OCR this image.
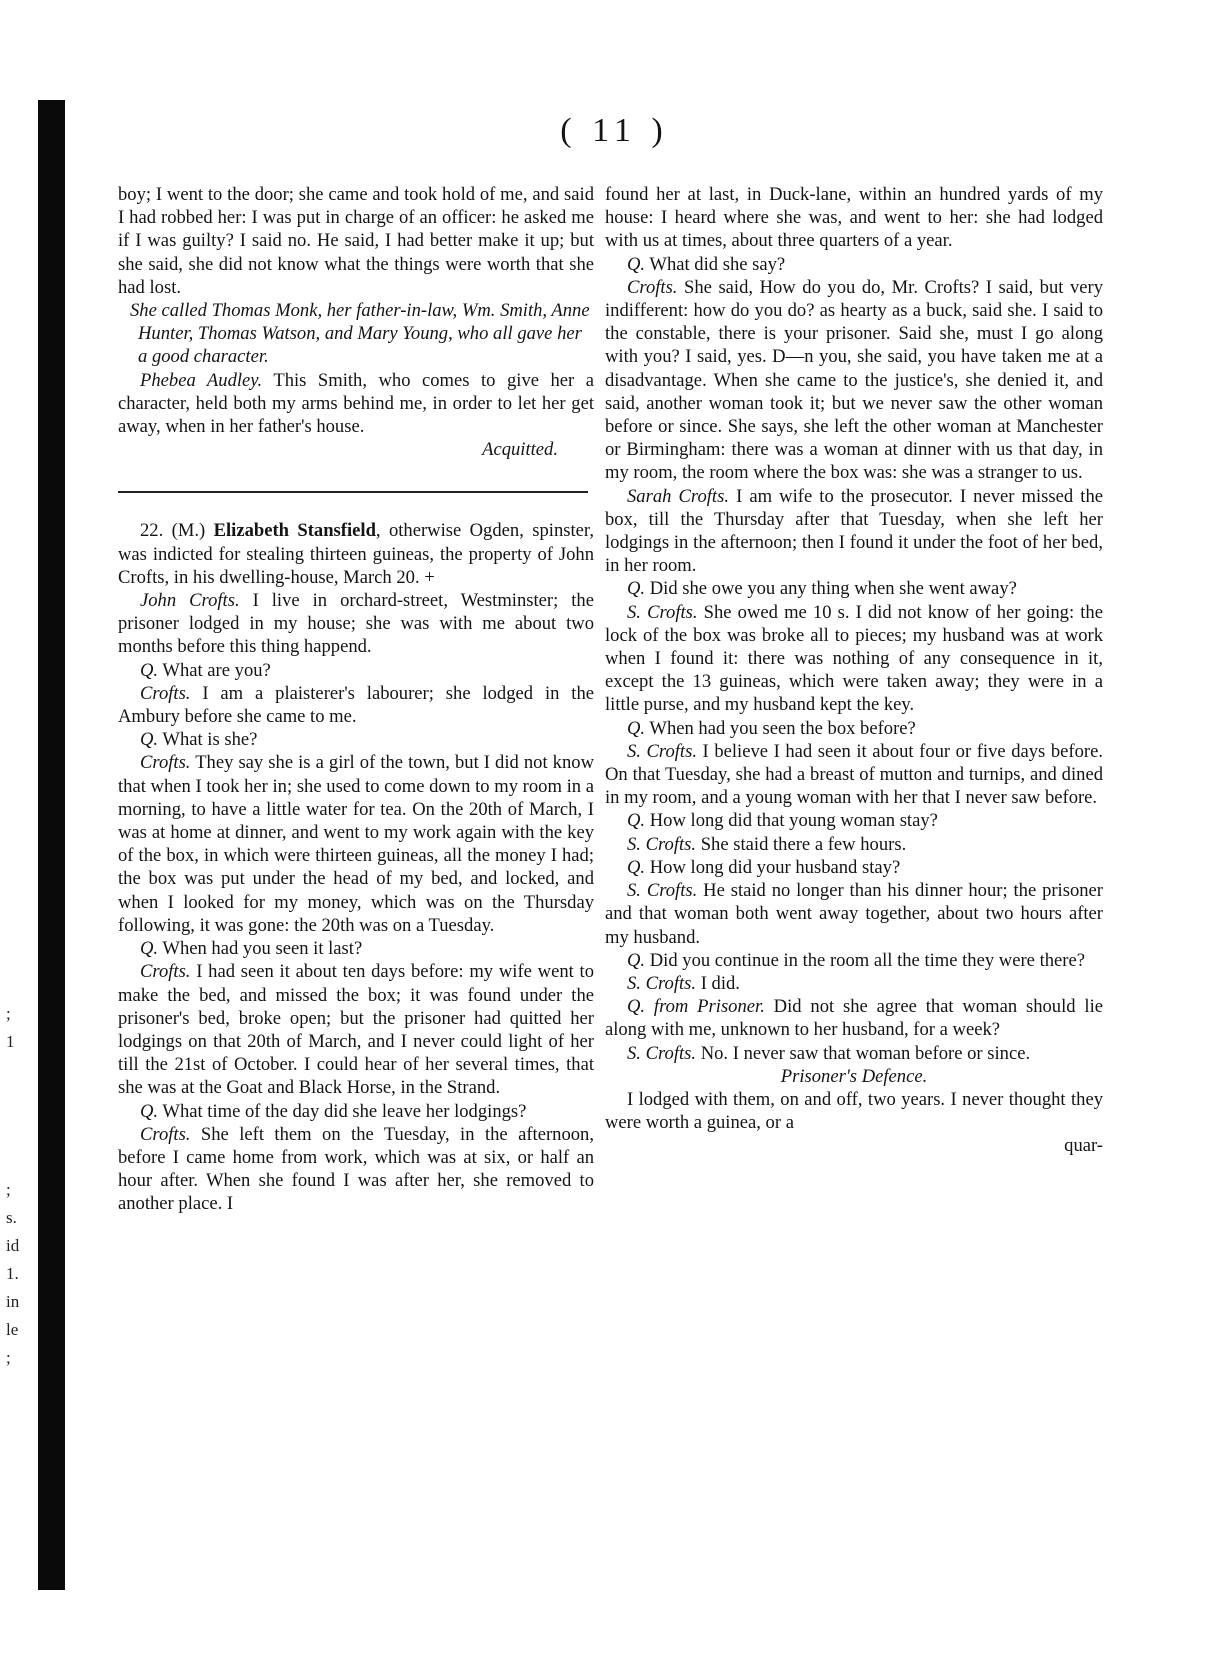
;
1
;
s.
id
1.
in
le
;
( 11 )

boy; I went to the door; she came and took hold of me, and said I had robbed her: I was put in charge of an officer: he asked me if I was guilty? I said no. He said, I had better make it up; but she said, she did not know what the things were worth that she had lost.

She called Thomas Monk, her father-in-law, Wm. Smith, Anne Hunter, Thomas Watson, and Mary Young, who all gave her a good character.

Phebea Audley. This Smith, who comes to give her a character, held both my arms behind me, in order to let her get away, when in her father's house.

Acquitted.

22. (M.) Elizabeth Stansfield, otherwise Ogden, spinster, was indicted for stealing thirteen guineas, the property of John Crofts, in his dwelling-house, March 20. +

John Crofts. I live in orchard-street, Westminster; the prisoner lodged in my house; she was with me about two months before this thing happend.

Q. What are you?

Crofts. I am a plaisterer's labourer; she lodged in the Ambury before she came to me.

Q. What is she?

Crofts. They say she is a girl of the town, but I did not know that when I took her in; she used to come down to my room in a morning, to have a little water for tea. On the 20th of March, I was at home at dinner, and went to my work again with the key of the box, in which were thirteen guineas, all the money I had; the box was put under the head of my bed, and locked, and when I looked for my money, which was on the Thursday following, it was gone: the 20th was on a Tuesday.

Q. When had you seen it last?

Crofts. I had seen it about ten days before: my wife went to make the bed, and missed the box; it was found under the prisoner's bed, broke open; but the prisoner had quitted her lodgings on that 20th of March, and I never could light of her till the 21st of October. I could hear of her several times, that she was at the Goat and Black Horse, in the Strand.

Q. What time of the day did she leave her lodgings?

Crofts. She left them on the Tuesday, in the afternoon, before I came home from work, which was at six, or half an hour after. When she found I was after her, she removed to another place. I

found her at last, in Duck-lane, within an hundred yards of my house: I heard where she was, and went to her: she had lodged with us at times, about three quarters of a year.

Q. What did she say?

Crofts. She said, How do you do, Mr. Crofts? I said, but very indifferent: how do you do? as hearty as a buck, said she. I said to the constable, there is your prisoner. Said she, must I go along with you? I said, yes. D—n you, she said, you have taken me at a disadvantage. When she came to the justice's, she denied it, and said, another woman took it; but we never saw the other woman before or since. She says, she left the other woman at Manchester or Birmingham: there was a woman at dinner with us that day, in my room, the room where the box was: she was a stranger to us.

Sarah Crofts. I am wife to the prosecutor. I never missed the box, till the Thursday after that Tuesday, when she left her lodgings in the afternoon; then I found it under the foot of her bed, in her room.

Q. Did she owe you any thing when she went away?

S. Crofts. She owed me 10 s. I did not know of her going: the lock of the box was broke all to pieces; my husband was at work when I found it: there was nothing of any consequence in it, except the 13 guineas, which were taken away; they were in a little purse, and my husband kept the key.

Q. When had you seen the box before?

S. Crofts. I believe I had seen it about four or five days before. On that Tuesday, she had a breast of mutton and turnips, and dined in my room, and a young woman with her that I never saw before.

Q. How long did that young woman stay?

S. Crofts. She staid there a few hours.

Q. How long did your husband stay?

S. Crofts. He staid no longer than his dinner hour; the prisoner and that woman both went away together, about two hours after my husband.

Q. Did you continue in the room all the time they were there?

S. Crofts. I did.

Q. from Prisoner. Did not she agree that woman should lie along with me, unknown to her husband, for a week?

S. Crofts. No. I never saw that woman before or since.

Prisoner's Defence.

I lodged with them, on and off, two years. I never thought they were worth a guinea, or a

quar-
